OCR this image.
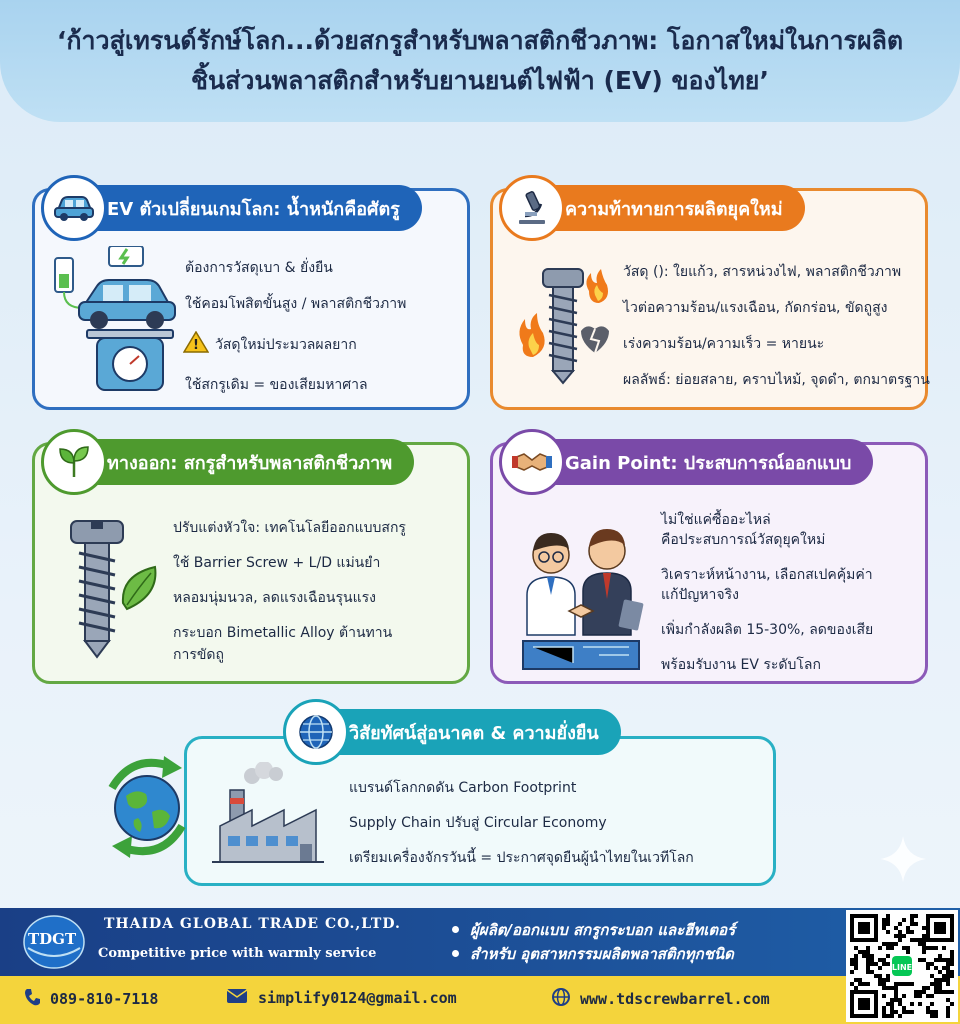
‘ก้าวสู่เทรนด์รักษ์โลก...ด้วยสกรูสำหรับพลาสติกชีวภาพ: โอกาสใหม่ในการผลิต
ชิ้นส่วนพลาสติกสำหรับยานยนต์ไฟฟ้า (EV) ของไทย’
EV ตัวเปลี่ยนเกมโลก: น้ำหนักคือศัตรู
ต้องการวัสดุเบา & ยั่งยืน
ใช้คอมโพสิตขั้นสูง / พลาสติกชีวภาพ
! วัสดุใหม่ประมวลผลยาก
ใช้สกรูเดิม = ของเสียมหาศาล
ความท้าทายการผลิตยุคใหม่
วัสดุ (): ใยแก้ว, สารหน่วงไฟ, พลาสติกชีวภาพ
ไวต่อความร้อน/แรงเฉือน, กัดกร่อน, ขัดถูสูง
เร่งความร้อน/ความเร็ว = หายนะ
ผลลัพธ์: ย่อยสลาย, คราบไหม้, จุดดำ, ตกมาตรฐาน
ทางออก: สกรูสำหรับพลาสติกชีวภาพ
ปรับแต่งหัวใจ: เทคโนโลยีออกแบบสกรู
ใช้ Barrier Screw + L/D แม่นยำ
หลอมนุ่มนวล, ลดแรงเฉือนรุนแรง
กระบอก Bimetallic Alloy ต้านทาน
การขัดถู
Gain Point: ประสบการณ์ออกแบบ
ไม่ใช่แค่ซื้ออะไหล่
คือประสบการณ์วัสดุยุคใหม่
วิเคราะห์หน้างาน, เลือกสเปคคุ้มค่า
แก้ปัญหาจริง
เพิ่มกำลังผลิต 15-30%, ลดของเสีย
พร้อมรับงาน EV ระดับโลก
วิสัยทัศน์สู่อนาคต & ความยั่งยืน
แบรนด์โลกกดดัน Carbon Footprint
Supply Chain ปรับสู่ Circular Economy
เตรียมเครื่องจักรวันนี้ = ประกาศจุดยืนผู้นำไทยในเวทีโลก
TDGT
THAIDA GLOBAL TRADE CO.,LTD.
Competitive price with warmly service
ผู้ผลิต/ออกแบบ สกรูกระบอก และฮีทเตอร์
สำหรับ อุตสาหกรรมผลิตพลาสติกทุกชนิด
089-810-7118	simplify0124@gmail.com	www.tdscrewbarrel.com
LINE
